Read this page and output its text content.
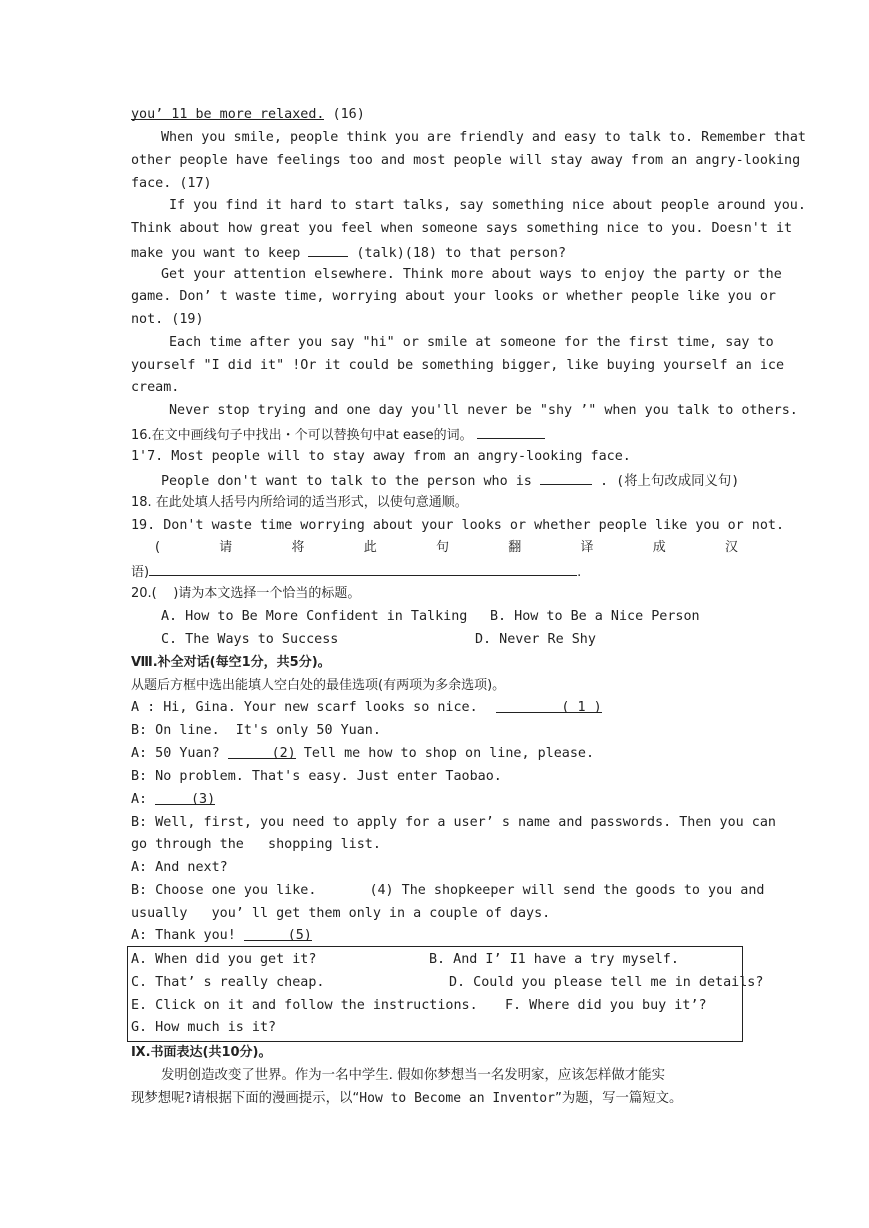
you’ 11 be more relaxed. (16)
When you smile, people think you are friendly and easy to talk to. Remember that
other people have feelings too and most people will stay away from an angry-looking
face. (17)
If you find it hard to start talks, say something nice about people around you.
Think about how great you feel when someone says something nice to you. Doesn't it
make you want to keep	(talk)(18) to that person?
Get your attention elsewhere. Think more about ways to enjoy the party or the
game. Don’ t waste time, worrying about your looks or whether people like you or
not. (19)
Each time after you say "hi" or smile at someone for the first time, say to
yourself "I did it" !Or it could be something bigger, like buying yourself an ice
cream.
Never stop trying and one day you'll never be "shy ’" when you talk to others.
16.在文中画线句子中找出・个可以替换句中at ease的词。
1'7. Most people will to stay away from an angry-looking face.
People don't want to talk to the person who is	. (将上句改成同义句)
18. 在此处填人括号内所给词的适当形式，以使句意通顺。
19. Don't waste time worrying about your looks or whether people like you or not.
(	请	将	此	句	翻	译	成	汉
语)	.
20.(    )请为本文选择一个恰当的标题。
A. How to Be More Confident in Talking B. How to Be a Nice Person
C. The Ways to Success	D. Never Re Shy
Ⅷ.补全对话(每空1分，共5分)。
从题后方框中选出能填人空白处的最佳选项(有两项为多余选项)。
A : Hi, Gina. Your new scarf looks so nice.	( 1 )
B: On line.  It's only 50 Yuan.
A: 50 Yuan?	(2) Tell me how to shop on line, please.
B: No problem. That's easy. Just enter Taobao.
A:	(3)
B: Well, first, you need to apply for a user’ s name and passwords. Then you can
go through the   shopping list.
A: And next?
B: Choose one you like.	(4) The shopkeeper will send the goods to you and
usually   you’ ll get them only in a couple of days.
A: Thank you!	(5)
A. When did you get it?	B. And I’ I1 have a try myself.
C. That’ s really cheap.	D. Could you please tell me in details?
E. Click on it and follow the instructions. F. Where did you buy it’?
G. How much is it?
Ⅸ.书面表达(共10分)。
发明创造改变了世界。作为一名中学生. 假如你梦想当一名发明家，应该怎样做才能实
现梦想呢?请根据下面的漫画提示，以“How to Become an Inventor”为题，写一篇短文。
